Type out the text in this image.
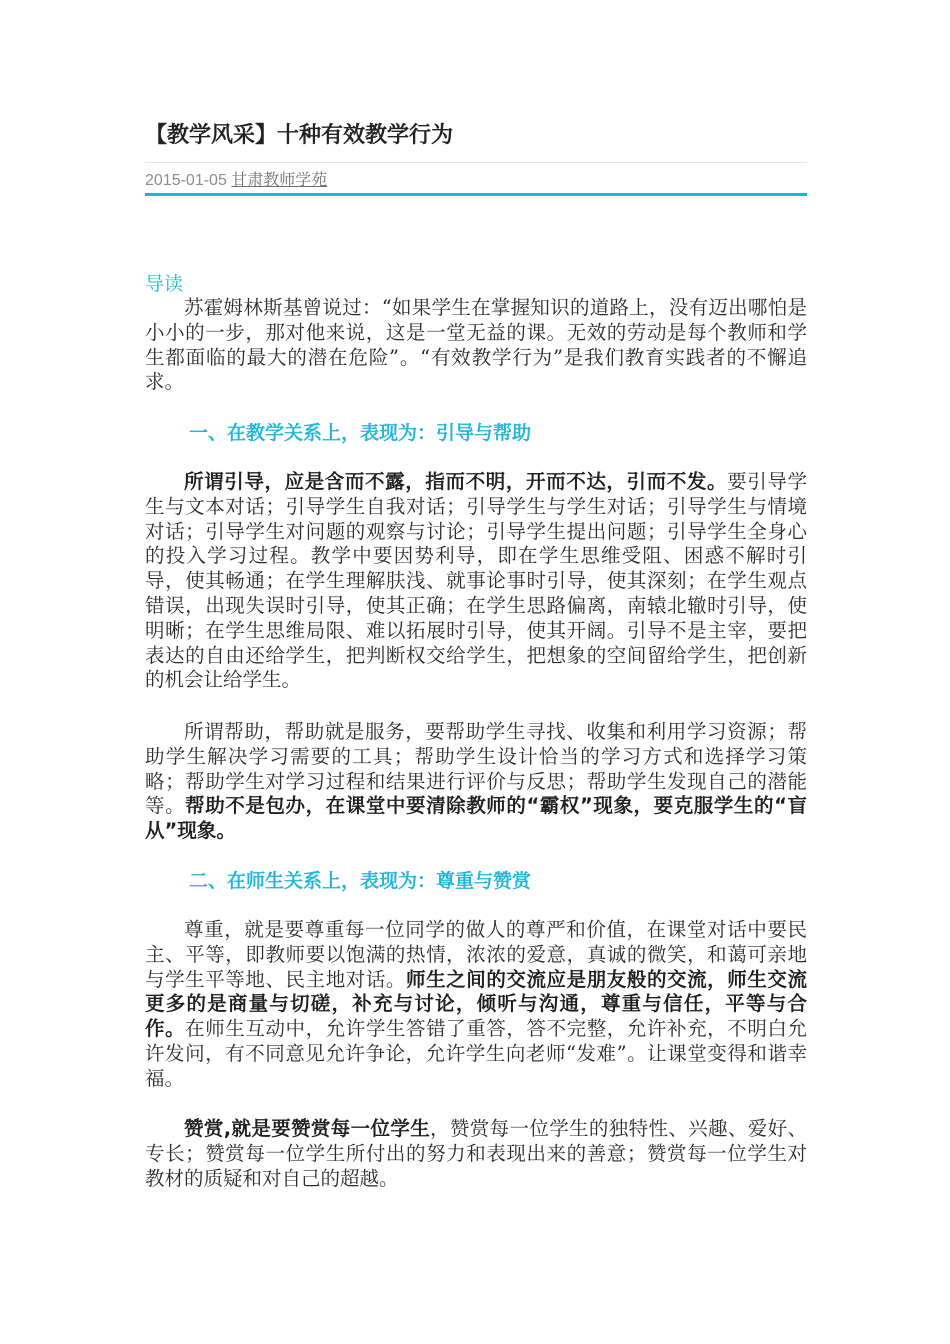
【教学风采】十种有效教学行为
2015-01-05 甘肃教师学苑
导读

苏霍姆林斯基曾说过：“如果学生在掌握知识的道路上，没有迈出哪怕是小小的一步，那对他来说，这是一堂无益的课。无效的劳动是每个教师和学生都面临的最大的潜在危险”。“有效教学行为”是我们教育实践者的不懈追求。

一、在教学关系上，表现为：引导与帮助

所谓引导，应是含而不露，指而不明，开而不达，引而不发。要引导学生与文本对话；引导学生自我对话；引导学生与学生对话；引导学生与情境对话；引导学生对问题的观察与讨论；引导学生提出问题；引导学生全身心的投入学习过程。教学中要因势利导，即在学生思维受阻、困惑不解时引导，使其畅通；在学生理解肤浅、就事论事时引导，使其深刻；在学生观点错误，出现失误时引导，使其正确；在学生思路偏离，南辕北辙时引导，使明晰；在学生思维局限、难以拓展时引导，使其开阔。引导不是主宰，要把表达的自由还给学生，把判断权交给学生，把想象的空间留给学生，把创新的机会让给学生。

所谓帮助，帮助就是服务，要帮助学生寻找、收集和利用学习资源；帮助学生解决学习需要的工具；帮助学生设计恰当的学习方式和选择学习策略；帮助学生对学习过程和结果进行评价与反思；帮助学生发现自己的潜能等。帮助不是包办，在课堂中要清除教师的“霸权”现象，要克服学生的“盲从”现象。

二、在师生关系上，表现为：尊重与赞赏

尊重，就是要尊重每一位同学的做人的尊严和价值，在课堂对话中要民主、平等，即教师要以饱满的热情，浓浓的爱意，真诚的微笑，和蔼可亲地与学生平等地、民主地对话。师生之间的交流应是朋友般的交流，师生交流更多的是商量与切磋，补充与讨论，倾听与沟通，尊重与信任，平等与合作。在师生互动中，允许学生答错了重答，答不完整，允许补充，不明白允许发问，有不同意见允许争论，允许学生向老师“发难”。让课堂变得和谐幸福。

赞赏,就是要赞赏每一位学生，赞赏每一位学生的独特性、兴趣、爱好、专长；赞赏每一位学生所付出的努力和表现出来的善意；赞赏每一位学生对教材的质疑和对自己的超越。
